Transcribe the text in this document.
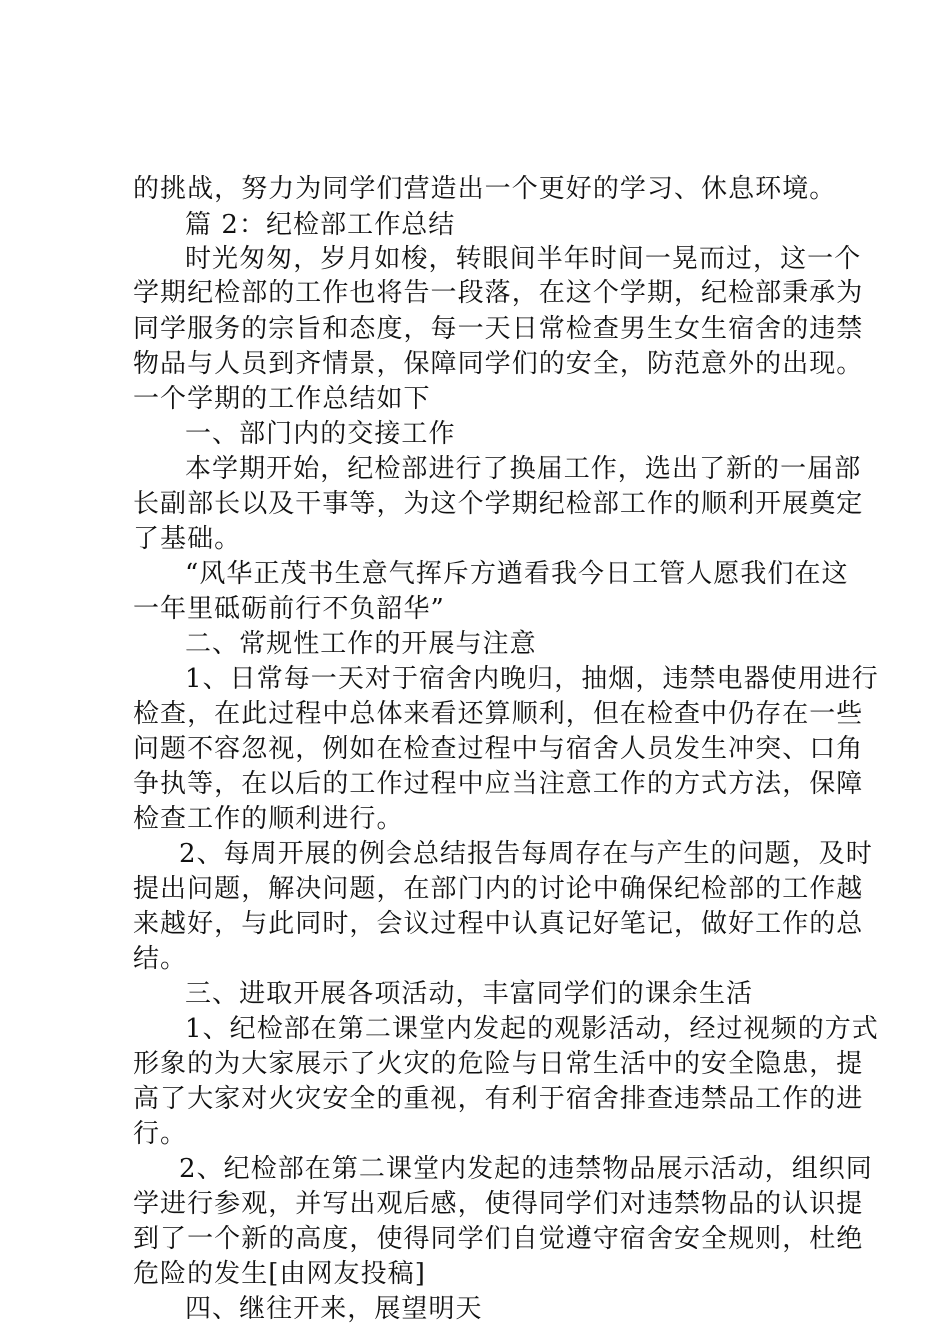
的挑战，努力为同学们营造出一个更好的学习、休息环境。
篇 2：纪检部工作总结
时光匆匆，岁月如梭，转眼间半年时间一晃而过，这一个
学期纪检部的工作也将告一段落，在这个学期，纪检部秉承为
同学服务的宗旨和态度，每一天日常检查男生女生宿舍的违禁
物品与人员到齐情景，保障同学们的安全，防范意外的出现。
一个学期的工作总结如下
一、部门内的交接工作
本学期开始，纪检部进行了换届工作，选出了新的一届部
长副部长以及干事等，为这个学期纪检部工作的顺利开展奠定
了基础。
“风华正茂书生意气挥斥方遒看我今日工管人愿我们在这
一年里砥砺前行不负韶华”
二、常规性工作的开展与注意
1、日常每一天对于宿舍内晚归，抽烟，违禁电器使用进行
检查，在此过程中总体来看还算顺利，但在检查中仍存在一些
问题不容忽视，例如在检查过程中与宿舍人员发生冲突、口角
争执等，在以后的工作过程中应当注意工作的方式方法，保障
检查工作的顺利进行。
2、每周开展的例会总结报告每周存在与产生的问题，及时
提出问题，解决问题，在部门内的讨论中确保纪检部的工作越
来越好，与此同时，会议过程中认真记好笔记，做好工作的总
结。
三、进取开展各项活动，丰富同学们的课余生活
1、纪检部在第二课堂内发起的观影活动，经过视频的方式
形象的为大家展示了火灾的危险与日常生活中的安全隐患，提
高了大家对火灾安全的重视，有利于宿舍排查违禁品工作的进
行。
2、纪检部在第二课堂内发起的违禁物品展示活动，组织同
学进行参观，并写出观后感，使得同学们对违禁物品的认识提
到了一个新的高度，使得同学们自觉遵守宿舍安全规则，杜绝
危险的发生[由网友投稿]
四、继往开来，展望明天
